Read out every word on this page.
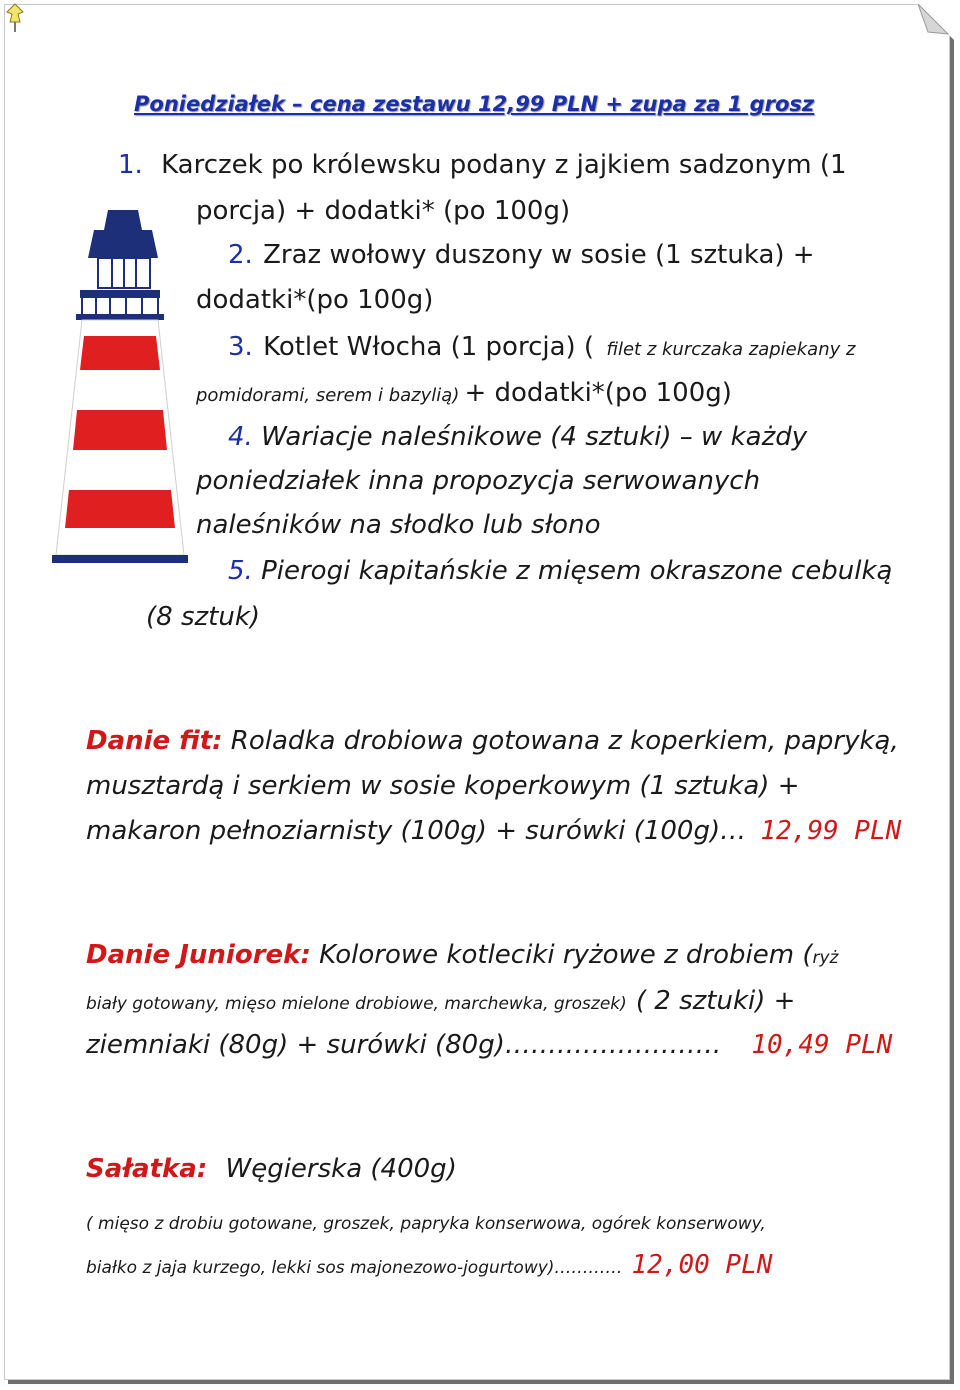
Poniedziałek – cena zestawu 12,99 PLN + zupa za 1 grosz
1. Karczek po królewsku podany z jajkiem sadzonym (1
porcja) + dodatki* (po 100g)
2. Zraz wołowy duszony w sosie (1 sztuka) +
dodatki*(po 100g)
3. Kotlet Włocha (1 porcja) ( filet z kurczaka zapiekany z
pomidorami, serem i bazylią) + dodatki*(po 100g)
4. Wariacje naleśnikowe (4 sztuki) – w każdy
poniedziałek inna propozycja serwowanych
naleśników na słodko lub słono
5. Pierogi kapitańskie z mięsem okraszone cebulką
(8 sztuk)
Danie fit: Roladka drobiowa gotowana z koperkiem, papryką,
musztardą i serkiem w sosie koperkowym (1 sztuka) +
makaron pełnoziarnisty (100g) + surówki (100g)… 12,99 PLN
Danie Juniorek: Kolorowe kotleciki ryżowe z drobiem (ryż
biały gotowany, mięso mielone drobiowe, marchewka, groszek) ( 2 sztuki) +
ziemniaki (80g) + surówki (80g)……………………. 10,49 PLN
Sałatka: Węgierska (400g)
( mięso z drobiu gotowane, groszek, papryka konserwowa, ogórek konserwowy,
białko z jaja kurzego, lekki sos majonezowo-jogurtowy)………… 12,00 PLN
